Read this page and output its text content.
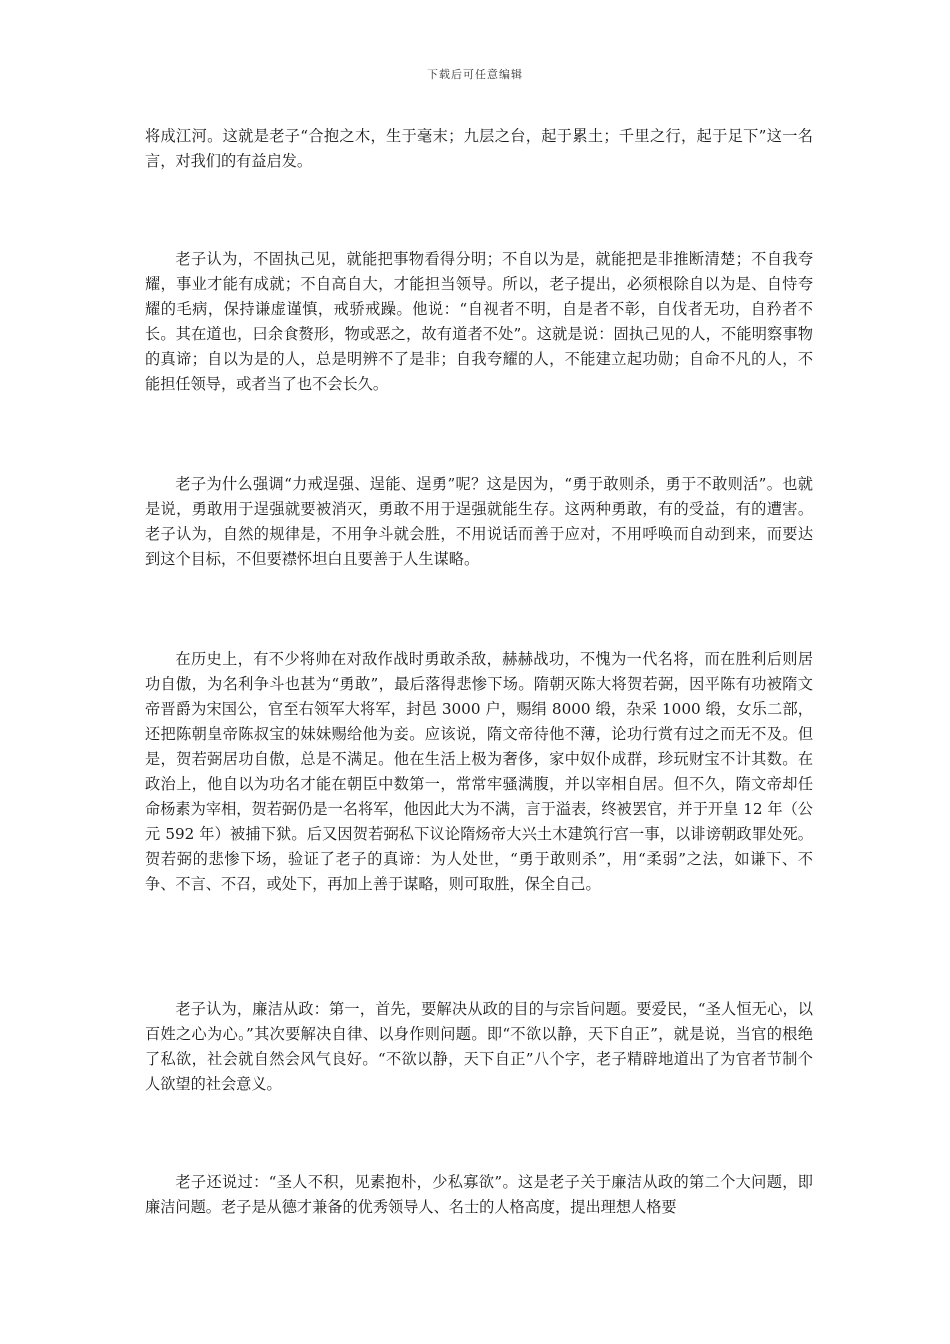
下载后可任意编辑

将成江河。这就是老子“合抱之木，生于毫末；九层之台，起于累土；千里之行，起于足下”这一名言，对我们的有益启发。

老子认为，不固执己见，就能把事物看得分明；不自以为是，就能把是非推断清楚；不自我夸耀，事业才能有成就；不自高自大，才能担当领导。所以，老子提出，必须根除自以为是、自恃夸耀的毛病，保持谦虚谨慎，戒骄戒躁。他说：“自视者不明，自是者不彰，自伐者无功，自矜者不长。其在道也，曰余食赘形，物或恶之，故有道者不处”。这就是说：固执己见的人，不能明察事物的真谛；自以为是的人，总是明辨不了是非；自我夸耀的人，不能建立起功勋；自命不凡的人，不能担任领导，或者当了也不会长久。

老子为什么强调“力戒逞强、逞能、逞勇”呢？这是因为，“勇于敢则杀，勇于不敢则活”。也就是说，勇敢用于逞强就要被消灭，勇敢不用于逞强就能生存。这两种勇敢，有的受益，有的遭害。老子认为，自然的规律是，不用争斗就会胜，不用说话而善于应对，不用呼唤而自动到来，而要达到这个目标，不但要襟怀坦白且要善于人生谋略。

在历史上，有不少将帅在对敌作战时勇敢杀敌，赫赫战功，不愧为一代名将，而在胜利后则居功自傲，为名利争斗也甚为“勇敢”，最后落得悲惨下场。隋朝灭陈大将贺若弼，因平陈有功被隋文帝晋爵为宋国公，官至右领军大将军，封邑 3000 户，赐绢 8000 缎，杂采 1000 缎，女乐二部，还把陈朝皇帝陈叔宝的妹妹赐给他为妾。应该说，隋文帝待他不薄，论功行赏有过之而无不及。但是，贺若弼居功自傲，总是不满足。他在生活上极为奢侈，家中奴仆成群，珍玩财宝不计其数。在政治上，他自以为功名才能在朝臣中数第一，常常牢骚满腹，并以宰相自居。但不久，隋文帝却任命杨素为宰相，贺若弼仍是一名将军，他因此大为不满，言于溢表，终被罢官，并于开皇 12 年（公元 592 年）被捕下狱。后又因贺若弼私下议论隋炀帝大兴土木建筑行宫一事，以诽谤朝政罪处死。贺若弼的悲惨下场，验证了老子的真谛：为人处世，“勇于敢则杀”，用“柔弱”之法，如谦下、不争、不言、不召，或处下，再加上善于谋略，则可取胜，保全自己。

老子认为，廉洁从政：第一，首先，要解决从政的目的与宗旨问题。要爱民，“圣人恒无心，以百姓之心为心。”其次要解决自律、以身作则问题。即“不欲以静，天下自正”，就是说，当官的根绝了私欲，社会就自然会风气良好。“不欲以静，天下自正”八个字，老子精辟地道出了为官者节制个人欲望的社会意义。

老子还说过：“圣人不积，见素抱朴，少私寡欲”。这是老子关于廉洁从政的第二个大问题，即廉洁问题。老子是从德才兼备的优秀领导人、名士的人格高度，提出理想人格要
